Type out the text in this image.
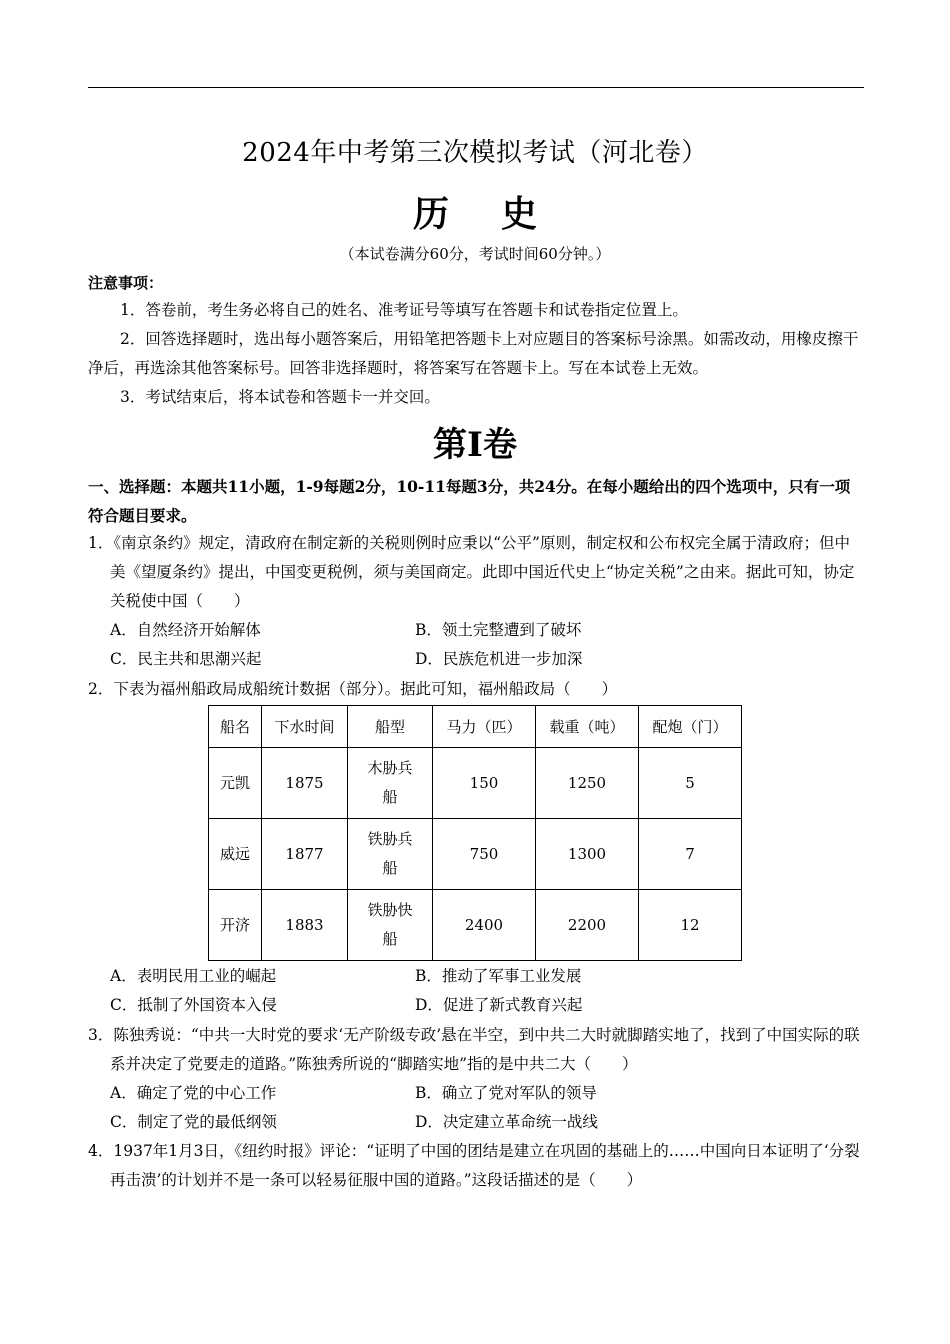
2024年中考第三次模拟考试（河北卷）
历 史
（本试卷满分60分，考试时间60分钟。）
注意事项：

1．答卷前，考生务必将自己的姓名、准考证号等填写在答题卡和试卷指定位置上。

2．回答选择题时，选出每小题答案后，用铅笔把答题卡上对应题目的答案标号涂黑。如需改动，用橡皮擦干净后，再选涂其他答案标号。回答非选择题时，将答案写在答题卡上。写在本试卷上无效。

3．考试结束后，将本试卷和答题卡一并交回。

第Ⅰ卷
一、选择题：本题共11小题，1-9每题2分，10-11每题3分，共24分。在每小题给出的四个选项中，只有一项符合题目要求。
1．《南京条约》规定，清政府在制定新的关税则例时应秉以“公平”原则，制定权和公布权完全属于清政府；但中美《望厦条约》提出，中国变更税例，须与美国商定。此即中国近代史上“协定关税”之由来。据此可知，协定关税使中国（　　）
A．自然经济开始解体	B．领土完整遭到了破坏
C．民主共和思潮兴起	D．民族危机进一步加深
2．下表为福州船政局成船统计数据（部分）。据此可知，福州船政局（　　）
船名	下水时间	船型	马力（匹）	载重（吨）	配炮（门）
元凯	1875	木胁兵船	150	1250	5
威远	1877	铁胁兵船	750	1300	7
开济	1883	铁胁快船	2400	2200	12
A．表明民用工业的崛起	B．推动了军事工业发展
C．抵制了外国资本入侵	D．促进了新式教育兴起
3．陈独秀说：“中共一大时党的要求‘无产阶级专政’悬在半空，到中共二大时就脚踏实地了，找到了中国实际的联系并决定了党要走的道路。”陈独秀所说的“脚踏实地”指的是中共二大（　　）
A．确定了党的中心工作	B．确立了党对军队的领导
C．制定了党的最低纲领	D．决定建立革命统一战线
4．1937年1月3日，《纽约时报》评论：“证明了中国的团结是建立在巩固的基础上的……中国向日本证明了‘分裂再击溃’的计划并不是一条可以轻易征服中国的道路。”这段话描述的是（　　）
